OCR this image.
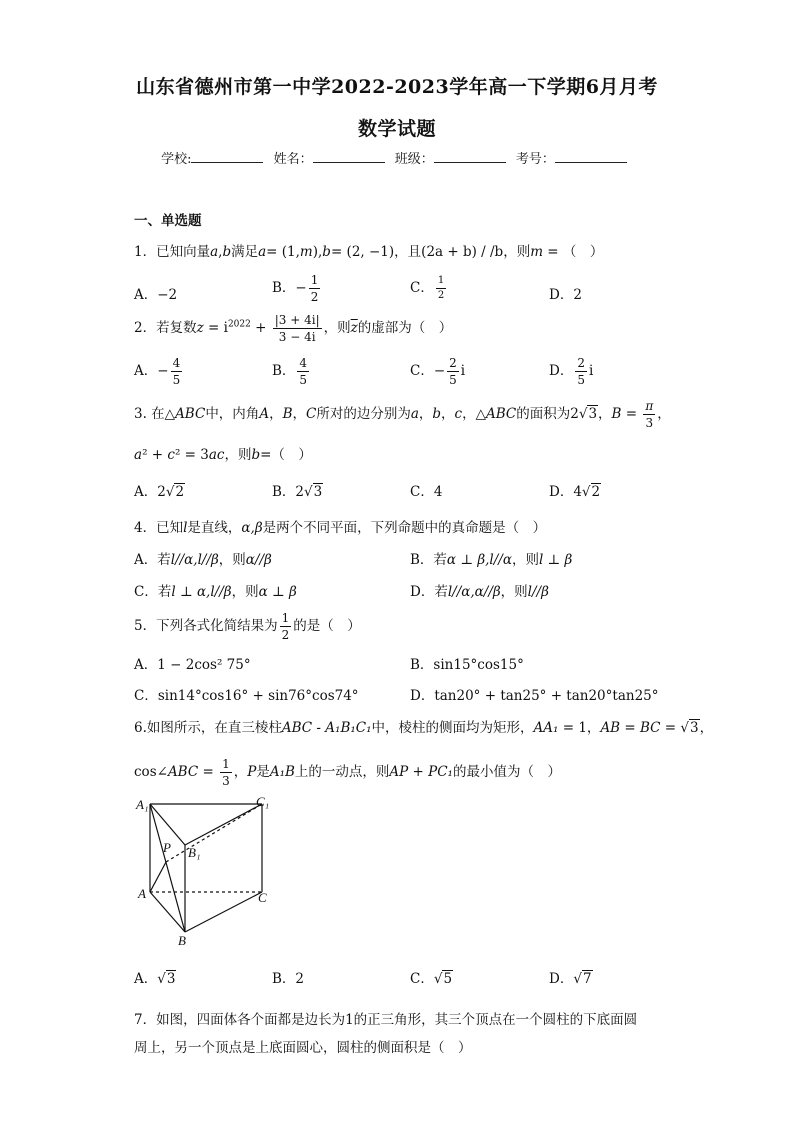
山东省德州市第一中学2022-2023学年高一下学期6月月考
数学试题
学校:	姓名：	班级：	考号：
一、单选题
1．已知向量a,b满足a= (1,m),b= (2, −1)，且(2a + b) / /b，则m = （　）
A．−2	B．− $\frac{1}{2}$	C． $\frac{1}{2}$	D．2
2．若复数$z = i^{2022} + \frac{|3 + 4i|}{3 - 4i}$ ，则$\overline{z}$的虚部为（　）
A．− $\frac{4}{5}$	B． $\frac{4}{5}$	C．− $\frac{2}{5}$ i	D． $\frac{2}{5}$ i
3. 在△ABC中，内角A，B，C所对的边分别为a，b，c，△ABC的面积为2√3，$B = \frac{\pi}{3}$ ，
a² + c² = 3ac，则b=（　）
A．2√2	B．2√3	C．4	D．4√2
4．已知l是直线，α,β是两个不同平面，下列命题中的真命题是（　）
A．若l//α,l//β，则α//β	B．若α ⊥ β,l//α，则l ⊥ β
C．若l ⊥ α,l//β，则α ⊥ β	D．若l//α,α//β，则l//β
5．下列各式化简结果为 $\frac{1}{2}$ 的是（　）
A．1 − 2cos² 75°	B．sin15°cos15°
C．sin14°cos16° + sin76°cos74°	D．tan20° + tan25° + tan20°tan25°
6.如图所示，在直三棱柱ABC - A₁B₁C₁中，棱柱的侧面均为矩形，AA₁ = 1，AB = BC = √3，
cos∠ABC = $\frac{1}{3}$ ，P是A₁B上的一动点，则AP + PC₁的最小值为（　）
A₁	C₁
P B₁
A	C
B
A．√3	B．2	C．√5	D．√7
7．如图，四面体各个面都是边长为1的正三角形，其三个顶点在一个圆柱的下底面圆
周上，另一个顶点是上底面圆心，圆柱的侧面积是（　）
